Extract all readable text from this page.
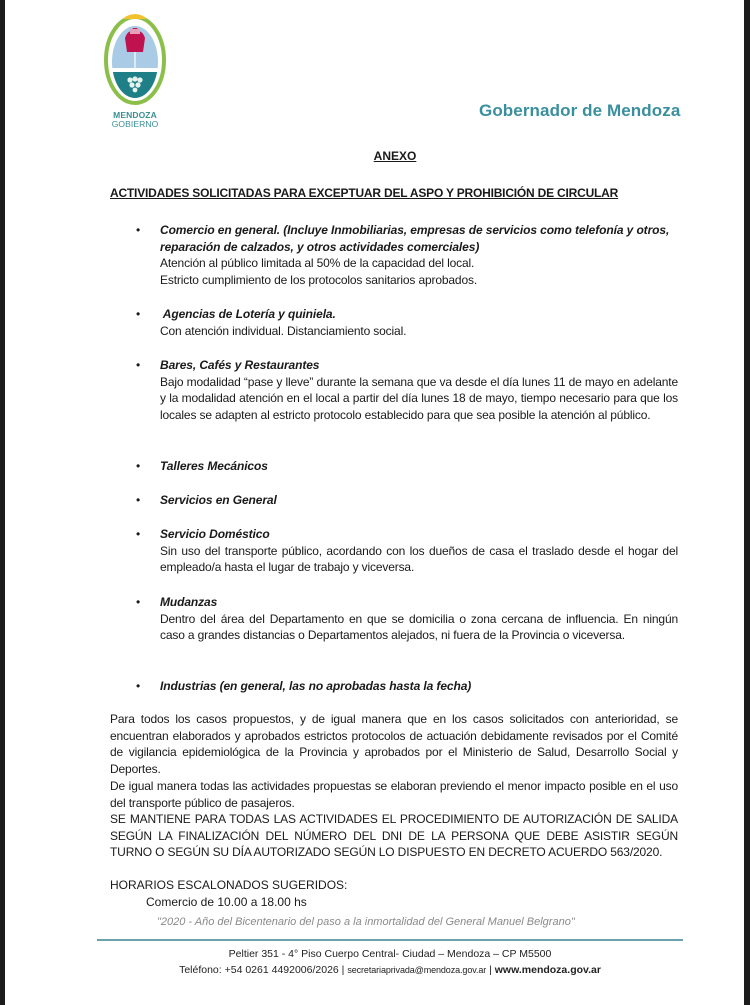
MENDOZA
GOBIERNO
Gobernador de Mendoza
ANEXO
ACTIVIDADES SOLICITADAS PARA EXCEPTUAR DEL ASPO Y PROHIBICIÓN DE CIRCULAR
• Comercio en general. (Incluye Inmobiliarias, empresas de servicios como telefonía y otros, reparación de calzados, y otros actividades comerciales)
Atención al público limitada al 50% de la capacidad del local.
Estricto cumplimiento de los protocolos sanitarios aprobados.
• Agencias de Lotería y quiniela.
Con atención individual. Distanciamiento social.
• Bares, Cafés y Restaurantes
Bajo modalidad “pase y lleve” durante la semana que va desde el día lunes 11 de mayo en adelante y la modalidad atención en el local a partir del día lunes 18 de mayo, tiempo necesario para que los locales se adapten al estricto protocolo establecido para que sea posible la atención al público.
• Talleres Mecánicos
• Servicios en General
• Servicio Doméstico
Sin uso del transporte público, acordando con los dueños de casa el traslado desde el hogar del empleado/a hasta el lugar de trabajo y viceversa.
• Mudanzas
Dentro del área del Departamento en que se domicilia o zona cercana de influencia. En ningún caso a grandes distancias o Departamentos alejados, ni fuera de la Provincia o viceversa.
• Industrias (en general, las no aprobadas hasta la fecha)
Para todos los casos propuestos, y de igual manera que en los casos solicitados con anterioridad, se encuentran elaborados y aprobados estrictos protocolos de actuación debidamente revisados por el Comité de vigilancia epidemiológica de la Provincia y aprobados por el Ministerio de Salud, Desarrollo Social y Deportes.
De igual manera todas las actividades propuestas se elaboran previendo el menor impacto posible en el uso del transporte público de pasajeros.
SE MANTIENE PARA TODAS LAS ACTIVIDADES EL PROCEDIMIENTO DE AUTORIZACIÓN DE SALIDA SEGÚN LA FINALIZACIÓN DEL NÚMERO DEL DNI DE LA PERSONA QUE DEBE ASISTIR SEGÚN TURNO O SEGÚN SU DÍA AUTORIZADO SEGÚN LO DISPUESTO EN DECRETO ACUERDO 563/2020.
HORARIOS ESCALONADOS SUGERIDOS:
Comercio de 10.00 a 18.00 hs
"2020 - Año del Bicentenario del paso a la inmortalidad del General Manuel Belgrano"
Peltier 351 - 4° Piso Cuerpo Central- Ciudad – Mendoza – CP M5500
Teléfono: +54 0261 4492006/2026 | secretariaprivada@mendoza.gov.ar | www.mendoza.gov.ar
